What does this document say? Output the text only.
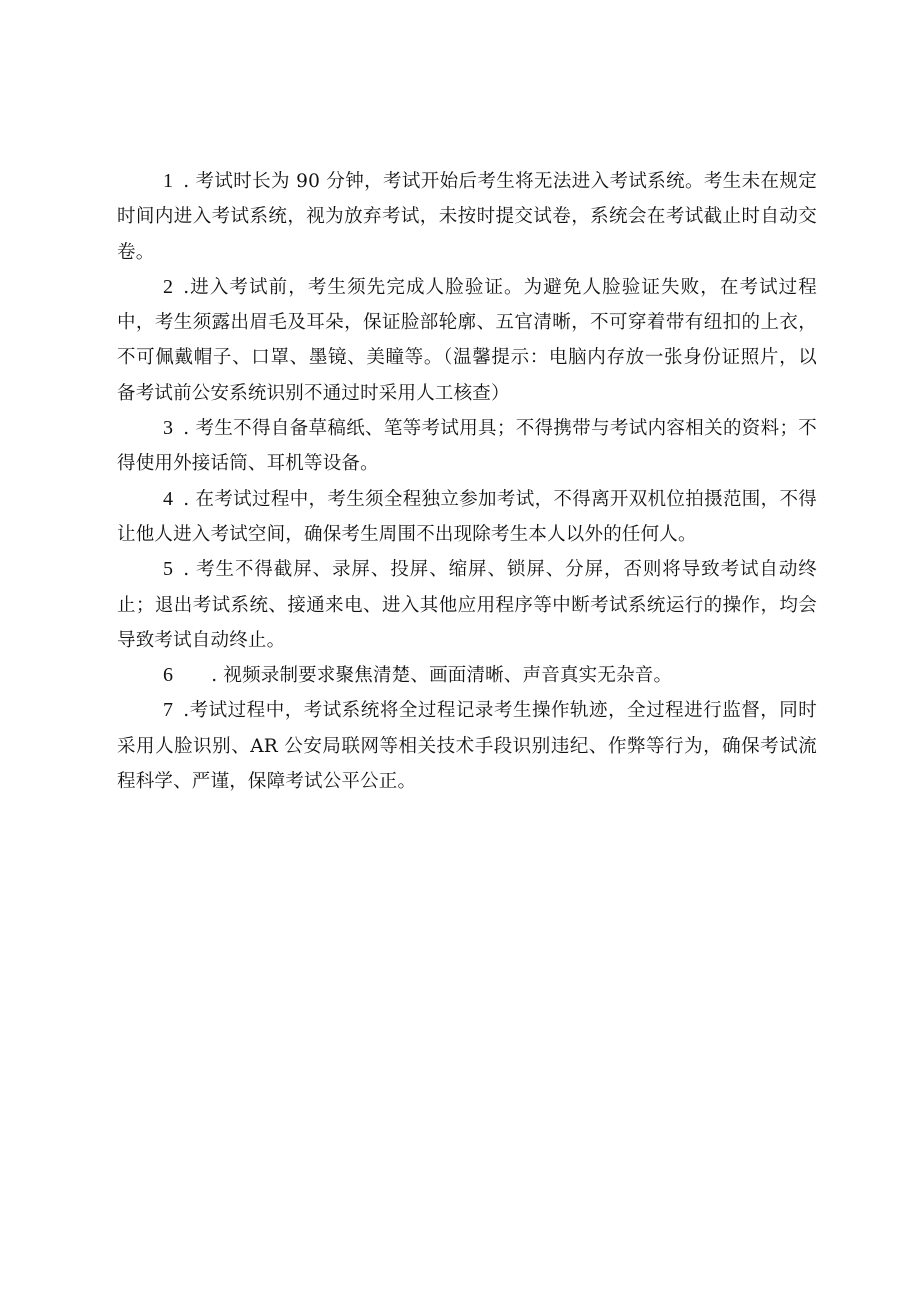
1 . 考试时长为 90 分钟，考试开始后考生将无法进入考试系统。考生未在规定时间内进入考试系统，视为放弃考试，未按时提交试卷，系统会在考试截止时自动交卷。

2 .进入考试前，考生须先完成人脸验证。为避免人脸验证失败，在考试过程中，考生须露出眉毛及耳朵，保证脸部轮廓、五官清晰，不可穿着带有纽扣的上衣，不可佩戴帽子、口罩、墨镜、美瞳等。（温馨提示：电脑内存放一张身份证照片，以备考试前公安系统识别不通过时采用人工核查）

3 . 考生不得自备草稿纸、笔等考试用具；不得携带与考试内容相关的资料；不得使用外接话筒、耳机等设备。

4 . 在考试过程中，考生须全程独立参加考试，不得离开双机位拍摄范围，不得让他人进入考试空间，确保考生周围不出现除考生本人以外的任何人。

5 . 考生不得截屏、录屏、投屏、缩屏、锁屏、分屏，否则将导致考试自动终止；退出考试系统、接通来电、进入其他应用程序等中断考试系统运行的操作，均会导致考试自动终止。

6 . 视频录制要求聚焦清楚、画面清晰、声音真实无杂音。

7 .考试过程中，考试系统将全过程记录考生操作轨迹，全过程进行监督，同时采用人脸识别、AR 公安局联网等相关技术手段识别违纪、作弊等行为，确保考试流程科学、严谨，保障考试公平公正。
